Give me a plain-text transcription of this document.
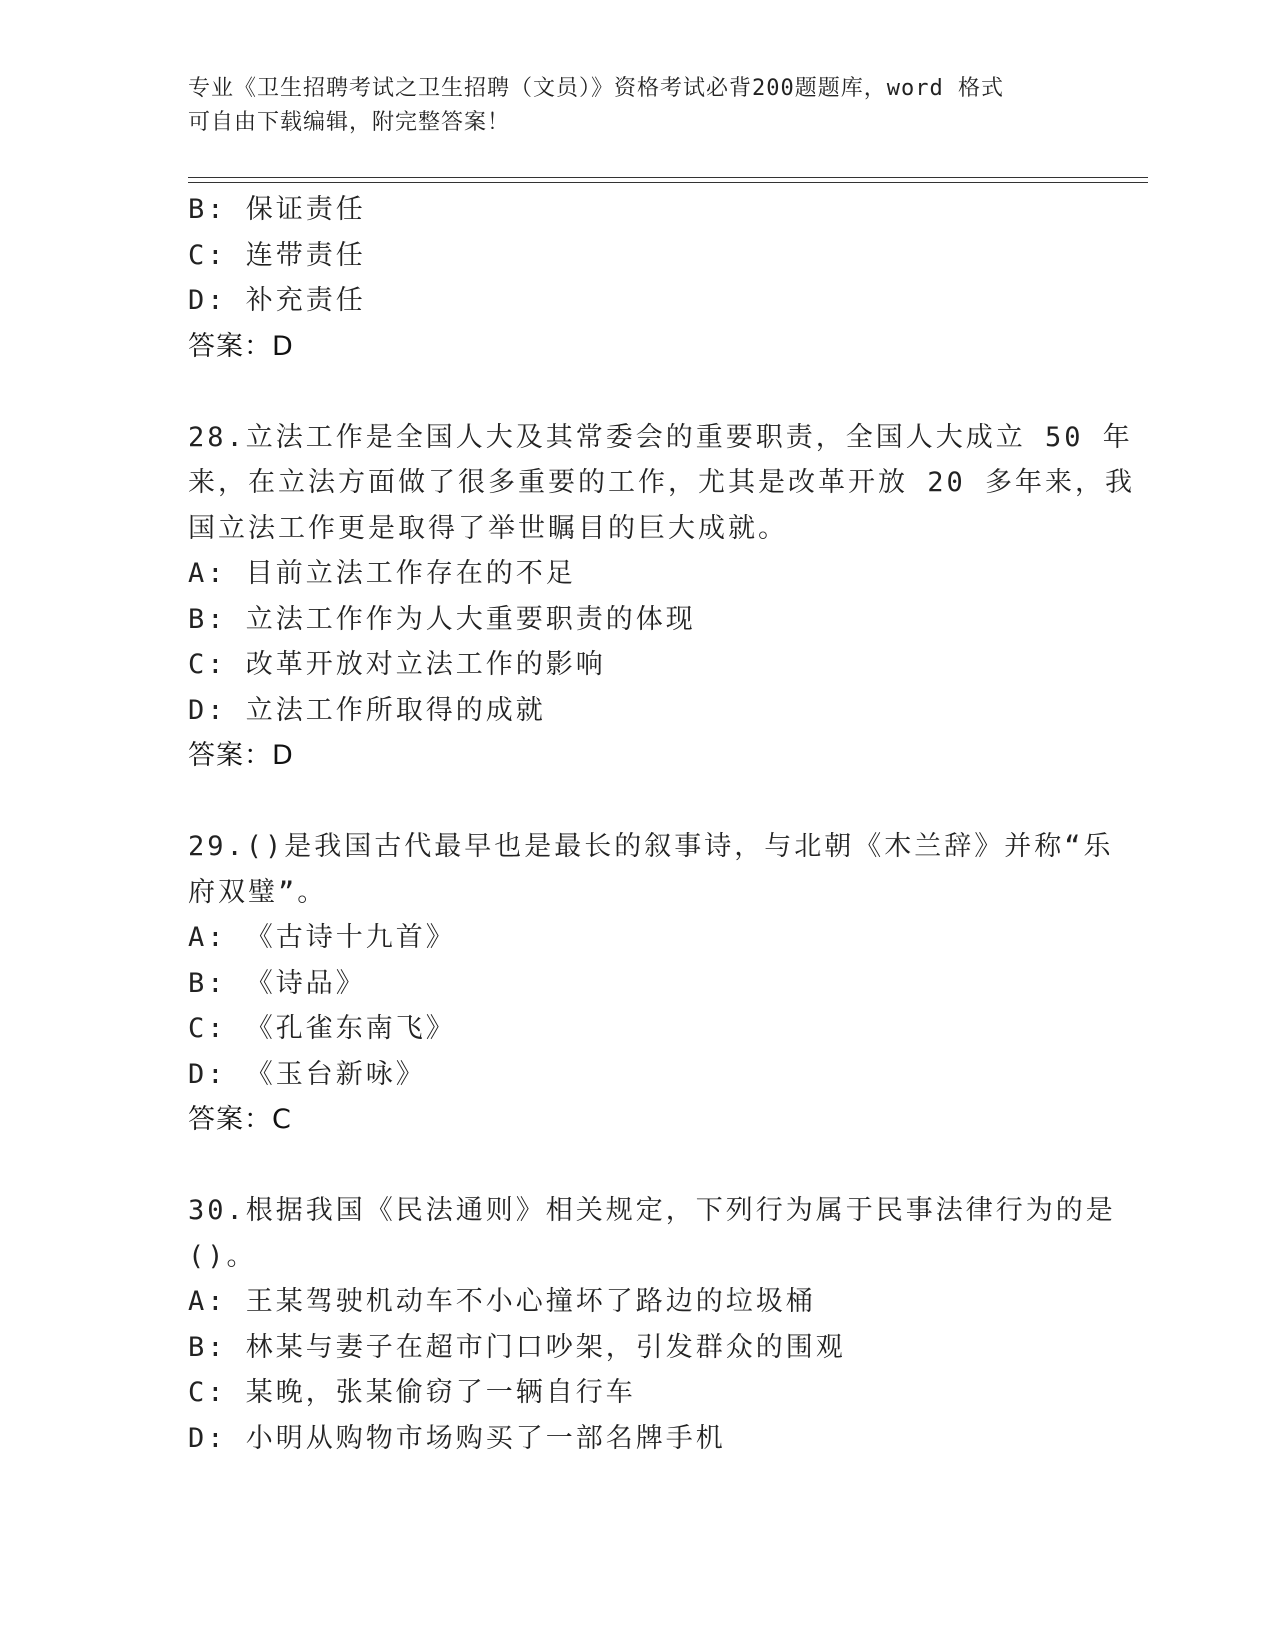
专业《卫生招聘考试之卫生招聘（文员）》资格考试必背200题题库，word 格式
可自由下载编辑，附完整答案！
B: 保证责任
C: 连带责任
D: 补充责任
答案：D
28.立法工作是全国人大及其常委会的重要职责，全国人大成立 50 年
来，在立法方面做了很多重要的工作，尤其是改革开放 20 多年来，我
国立法工作更是取得了举世瞩目的巨大成就。
A: 目前立法工作存在的不足
B: 立法工作作为人大重要职责的体现
C: 改革开放对立法工作的影响
D: 立法工作所取得的成就
答案：D
29.()是我国古代最早也是最长的叙事诗，与北朝《木兰辞》并称“乐
府双璧”。
A: 《古诗十九首》
B: 《诗品》
C: 《孔雀东南飞》
D: 《玉台新咏》
答案：C
30.根据我国《民法通则》相关规定，下列行为属于民事法律行为的是
()。
A: 王某驾驶机动车不小心撞坏了路边的垃圾桶
B: 林某与妻子在超市门口吵架，引发群众的围观
C: 某晚，张某偷窃了一辆自行车
D: 小明从购物市场购买了一部名牌手机
